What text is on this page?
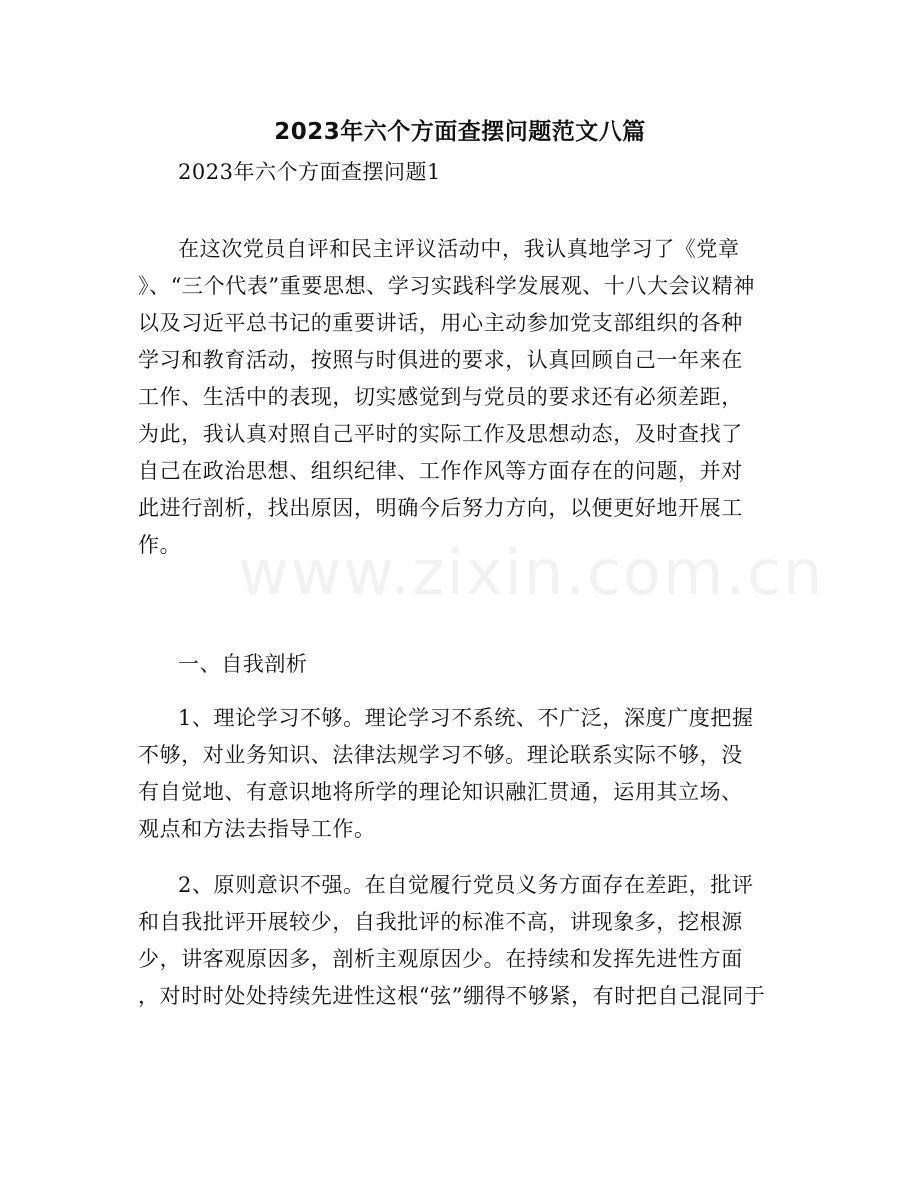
www.zixin.com.cn
2023年六个方面查摆问题范文八篇
2023年六个方面查摆问题1
在这次党员自评和民主评议活动中，我认真地学习了《党章
》、“三个代表”重要思想、学习实践科学发展观、十八大会议精神
以及习近平总书记的重要讲话，用心主动参加党支部组织的各种
学习和教育活动，按照与时俱进的要求，认真回顾自己一年来在
工作、生活中的表现，切实感觉到与党员的要求还有必须差距，
为此，我认真对照自己平时的实际工作及思想动态，及时查找了
自己在政治思想、组织纪律、工作作风等方面存在的问题，并对
此进行剖析，找出原因，明确今后努力方向，以便更好地开展工
作。
一、自我剖析
1、理论学习不够。理论学习不系统、不广泛，深度广度把握
不够，对业务知识、法律法规学习不够。理论联系实际不够，没
有自觉地、有意识地将所学的理论知识融汇贯通，运用其立场、
观点和方法去指导工作。
2、原则意识不强。在自觉履行党员义务方面存在差距，批评
和自我批评开展较少，自我批评的标准不高，讲现象多，挖根源
少，讲客观原因多，剖析主观原因少。在持续和发挥先进性方面
，对时时处处持续先进性这根“弦”绷得不够紧，有时把自己混同于
